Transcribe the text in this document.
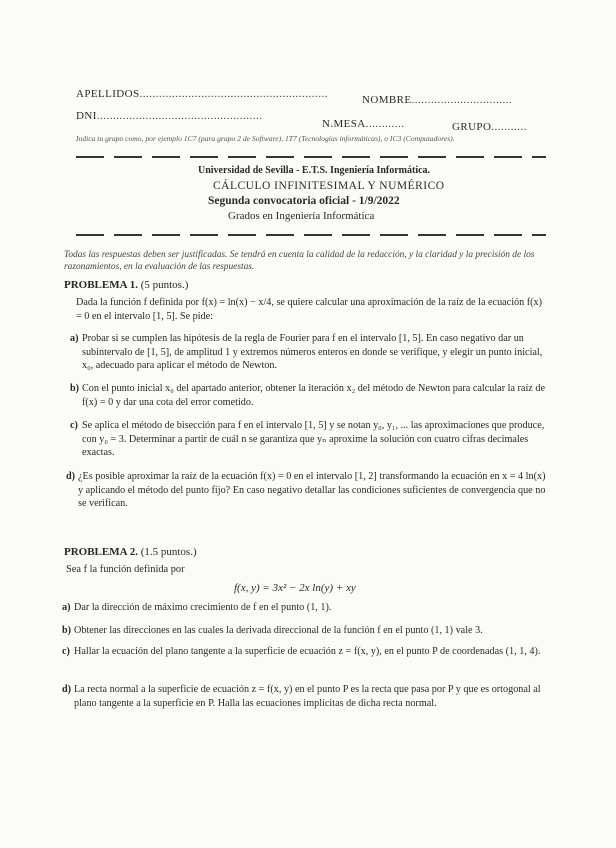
APELLIDOS..........................................................	NOMBRE...............................
DNI...................................................
N.MESA............	GRUPO...........
Indica tu grupo como, por ejemplo 1C7 (para grupo 2 de Software), 1T7 (Tecnologías informáticas), o IC3 (Computadores).
Universidad de Sevilla - E.T.S. Ingeniería Informática.
CÁLCULO INFINITESIMAL Y NUMÉRICO
Segunda convocatoria oficial - 1/9/2022
Grados en Ingeniería Informática
Todas las respuestas deben ser justificadas. Se tendrá en cuenta la calidad de la redacción, y la claridad y la precisión de los razonamientos, en la evaluación de las respuestas.
PROBLEMA 1. (5 puntos.)
Dada la función f definida por f(x) = ln(x) − x/4, se quiere calcular una aproximación de la raíz de la ecuación f(x) = 0 en el intervalo [1, 5]. Se pide:
a) Probar si se cumplen las hipótesis de la regla de Fourier para f en el intervalo [1, 5]. En caso negativo dar un subintervalo de [1, 5], de amplitud 1 y extremos números enteros en donde se verifique, y elegir un punto inicial, x₀, adecuado para aplicar el método de Newton.
b) Con el punto inicial x₀ del apartado anterior, obtener la iteración x₂ del método de Newton para calcular la raíz de f(x) = 0 y dar una cota del error cometido.
c) Se aplica el método de bisección para f en el intervalo [1, 5] y se notan y₀, y₁, ... las aproximaciones que produce, con y₀ = 3. Determinar a partir de cuál n se garantiza que yₙ aproxime la solución con cuatro cifras decimales exactas.
d) ¿Es posible aproximar la raíz de la ecuación f(x) = 0 en el intervalo [1, 2] transformando la ecuación en x = 4 ln(x) y aplicando el método del punto fijo? En caso negativo detallar las condiciones suficientes de convergencia que no se verifican.
PROBLEMA 2. (1.5 puntos.)
Sea f la función definida por
f(x, y) = 3x² − 2x ln(y) + xy
a) Dar la dirección de máximo crecimiento de f en el punto (1, 1).
b) Obtener las direcciones en las cuales la derivada direccional de la función f en el punto (1, 1) vale 3.
c) Hallar la ecuación del plano tangente a la superficie de ecuación z = f(x, y), en el punto P de coordenadas (1, 1, 4).
d) La recta normal a la superficie de ecuación z = f(x, y) en el punto P es la recta que pasa por P y que es ortogonal al plano tangente a la superficie en P. Halla las ecuaciones implícitas de dicha recta normal.
